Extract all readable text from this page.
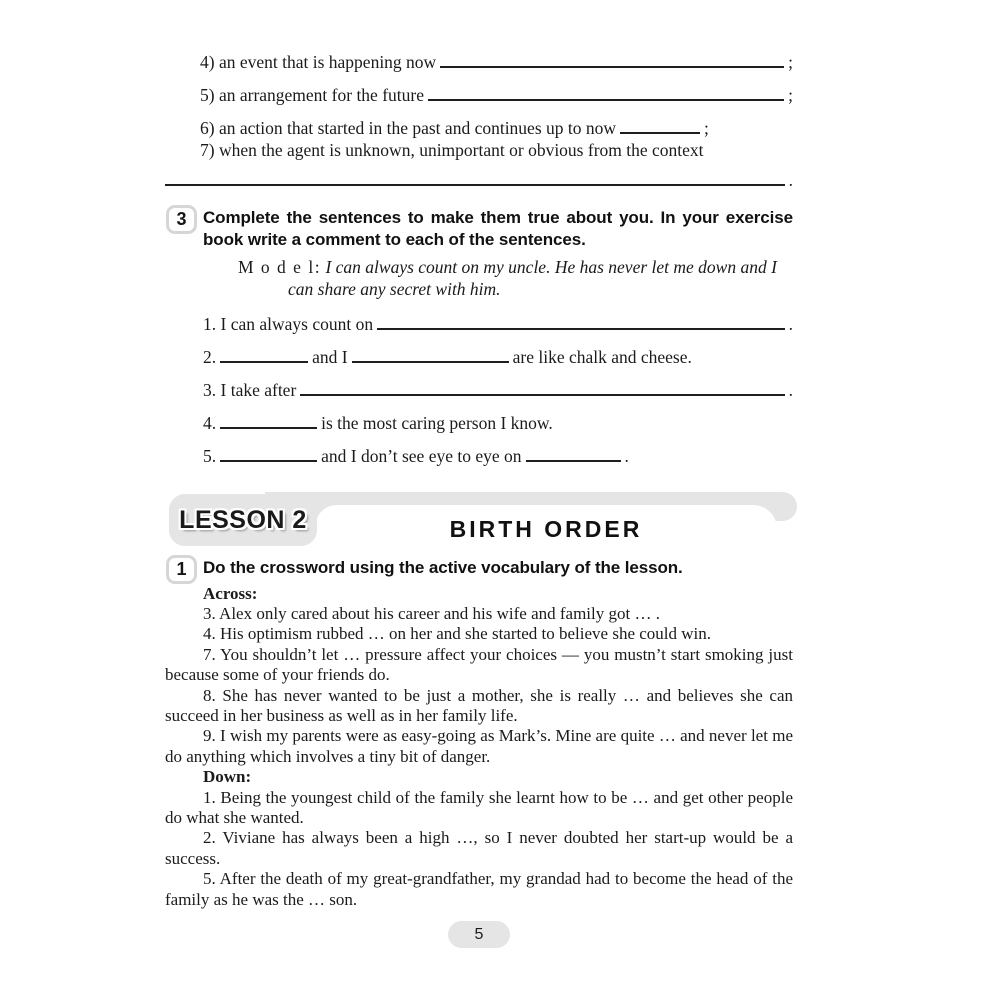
4) an event that is happening now	;
5) an arrangement for the future	;
6) an action that started in the past and continues up to now	;
7) when the agent is unknown, unimportant or obvious from the context
.
3 Complete the sentences to make them true about you. In your exercise book write a comment to each of the sentences.
M o d e l: I can always count on my uncle. He has never let me down and I can share any secret with him.
1. I can always count on	.
2.	and I	are like chalk and cheese.
3. I take after	.
4.	is the most caring person I know.
5.	and I don’t see eye to eye on	.
BIRTH ORDER
LESSON 2
1 Do the crossword using the active vocabulary of the lesson.

Across:

3. Alex only cared about his career and his wife and family got … .

4. His optimism rubbed … on her and she started to believe she could win.

7. You shouldn’t let … pressure affect your choices — you mustn’t start smoking just because some of your friends do.

8. She has never wanted to be just a mother, she is really … and believes she can succeed in her business as well as in her family life.

9. I wish my parents were as easy-going as Mark’s. Mine are quite … and never let me do anything which involves a tiny bit of danger.

Down:

1. Being the youngest child of the family she learnt how to be … and get other people do what she wanted.

2. Viviane has always been a high …, so I never doubted her start-up would be a success.

5. After the death of my great-grandfather, my grandad had to become the head of the family as he was the … son.

5
